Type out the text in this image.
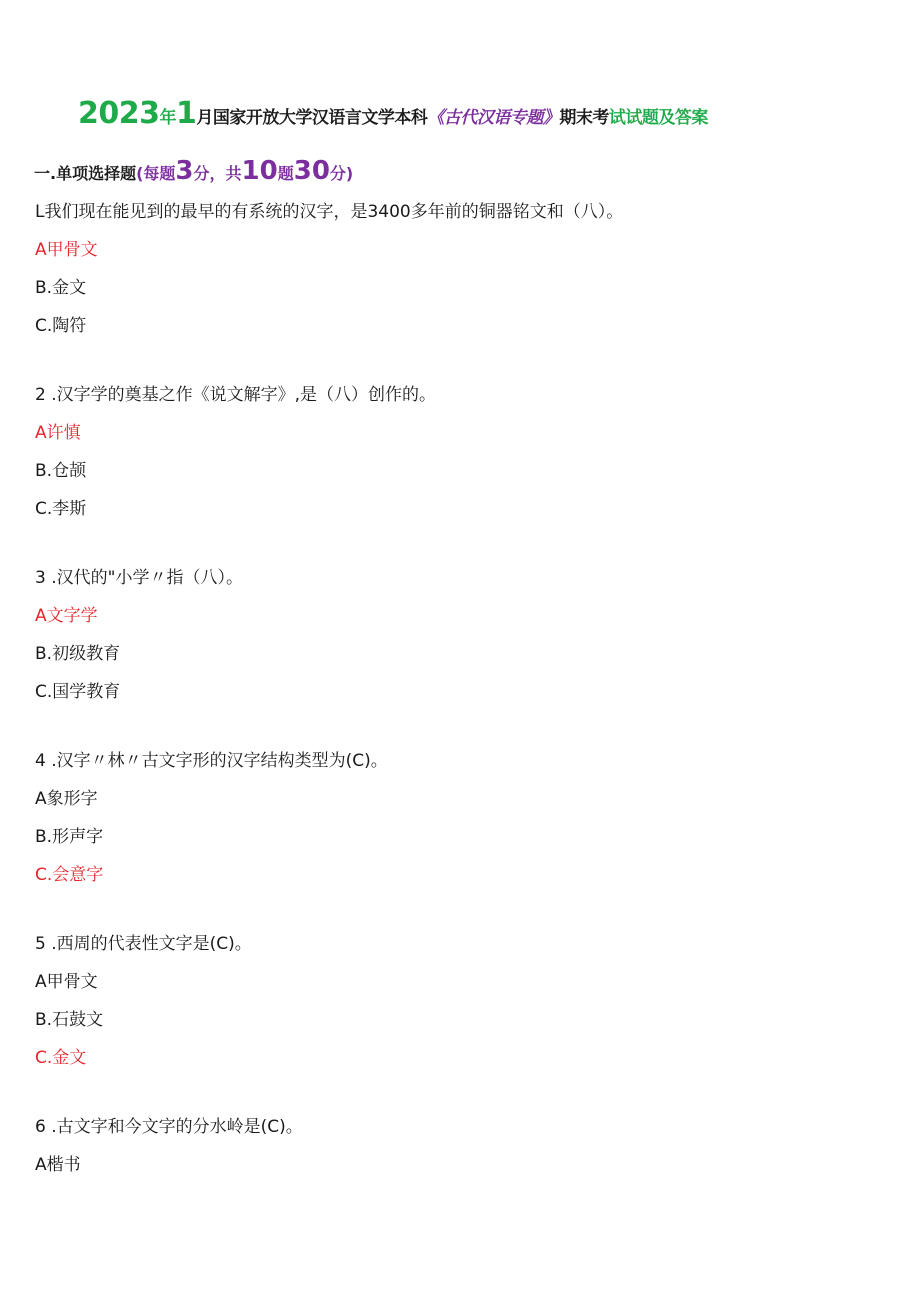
2023年1月国家开放大学汉语言文学本科《古代汉语专题》期末考试试题及答案
一.单项选择题(每题3分，共10题30分)
L我们现在能见到的最早的有系统的汉字，是3400多年前的铜器铭文和（八）。
A甲骨文
B.金文
C.陶符
2 .汉字学的奠基之作《说文解字》,是（八）创作的。
A许慎
B.仓颉
C.李斯
3 .汉代的"小学〃指（八）。
A文字学
B.初级教育
C.国学教育
4 .汉字〃林〃古文字形的汉字结构类型为(C)。
A象形字
B.形声字
C.会意字
5 .西周的代表性文字是(C)。
A甲骨文
B.石鼓文
C.金文
6 .古文字和今文字的分水岭是(C)。
A楷书
